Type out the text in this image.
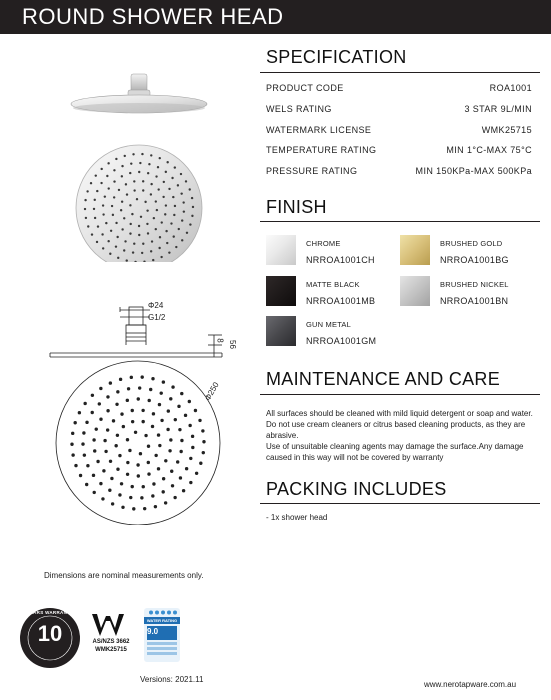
ROUND SHOWER HEAD
Φ24
G1/2
8 56
Φ250
SPECIFICATION
PRODUCT CODE	ROA1001
WELS RATING	3 STAR 9L/MIN
WATERMARK LICENSE	WMK25715
TEMPERATURE RATING	MIN 1°C-MAX 75°C
PRESSURE RATING	MIN 150KPa-MAX 500KPa
FINISH
CHROME
NRROA1001CH
BRUSHED GOLD
NRROA1001BG
MATTE BLACK
NRROA1001MB
BRUSHED NICKEL
NRROA1001BN
GUN METAL
NRROA1001GM
MAINTENANCE AND CARE

All surfaces should be cleaned with mild liquid detergent or soap and water.

Do not use cream cleaners or citrus based cleaning products, as they are abrasive.

Use of unsuitable cleaning agents may damage the surface.Any damage caused in this way will not be covered by warranty

PACKING INCLUDES
- 1x shower head
Dimensions are nominal measurements only.
10
YEARS WARRANTY
AS/NZS 3662
WMK25715
WATER RATING
9.0
Versions: 2021.11
www.nerotapware.com.au
